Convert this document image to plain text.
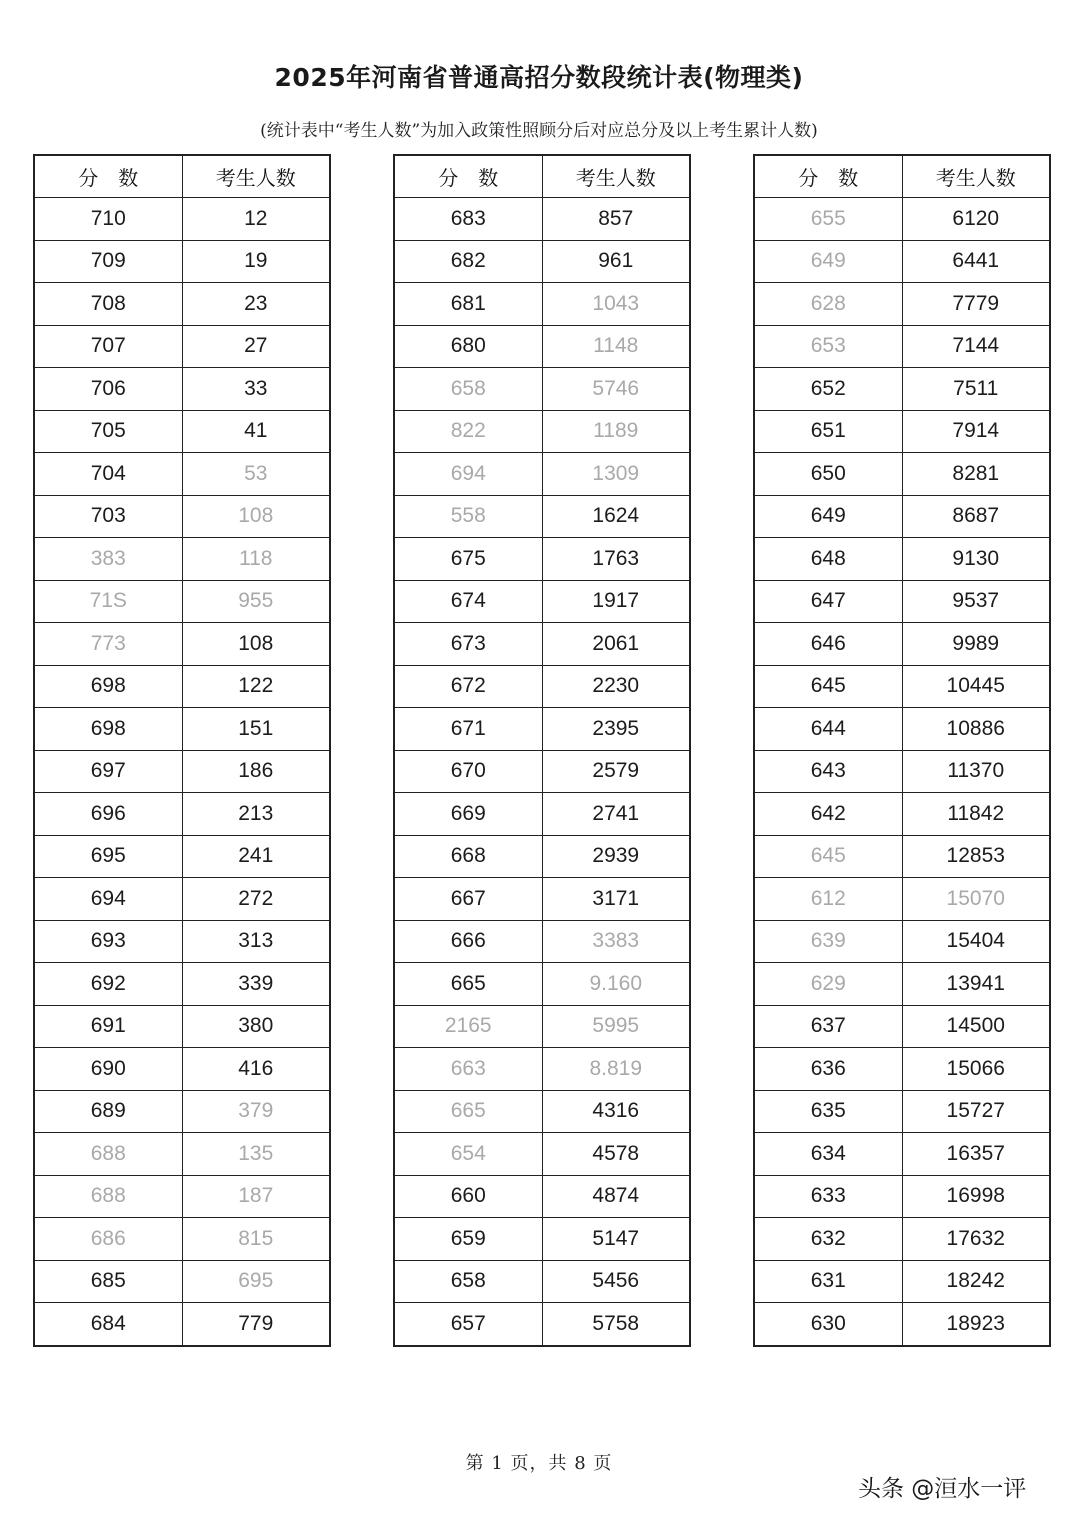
2025年河南省普通高招分数段统计表(物理类)
(统计表中“考生人数”为加入政策性照顾分后对应总分及以上考生累计人数)
分　数	考生人数
710	12
709	19
708	23
707	27
706	33
705	41
704	53
703	108
383	118
71S	955
773	108
698	122
698	151
697	186
696	213
695	241
694	272
693	313
692	339
691	380
690	416
689	379
688	135
688	187
686	815
685	695
684	779
分　数	考生人数
683	857
682	961
681	1043
680	1148
658	5746
822	1189
694	1309
558	1624
675	1763
674	1917
673	2061
672	2230
671	2395
670	2579
669	2741
668	2939
667	3171
666	3383
665	9.160
2165	5995
663	8.819
665	4316
654	4578
660	4874
659	5147
658	5456
657	5758
分　数	考生人数
655	6120
649	6441
628	7779
653	7144
652	7511
651	7914
650	8281
649	8687
648	9130
647	9537
646	9989
645	10445
644	10886
643	11370
642	11842
645	12853
612	15070
639	15404
629	13941
637	14500
636	15066
635	15727
634	16357
633	16998
632	17632
631	18242
630	18923
第 1 页，共 8 页
头条 @洹水一评
